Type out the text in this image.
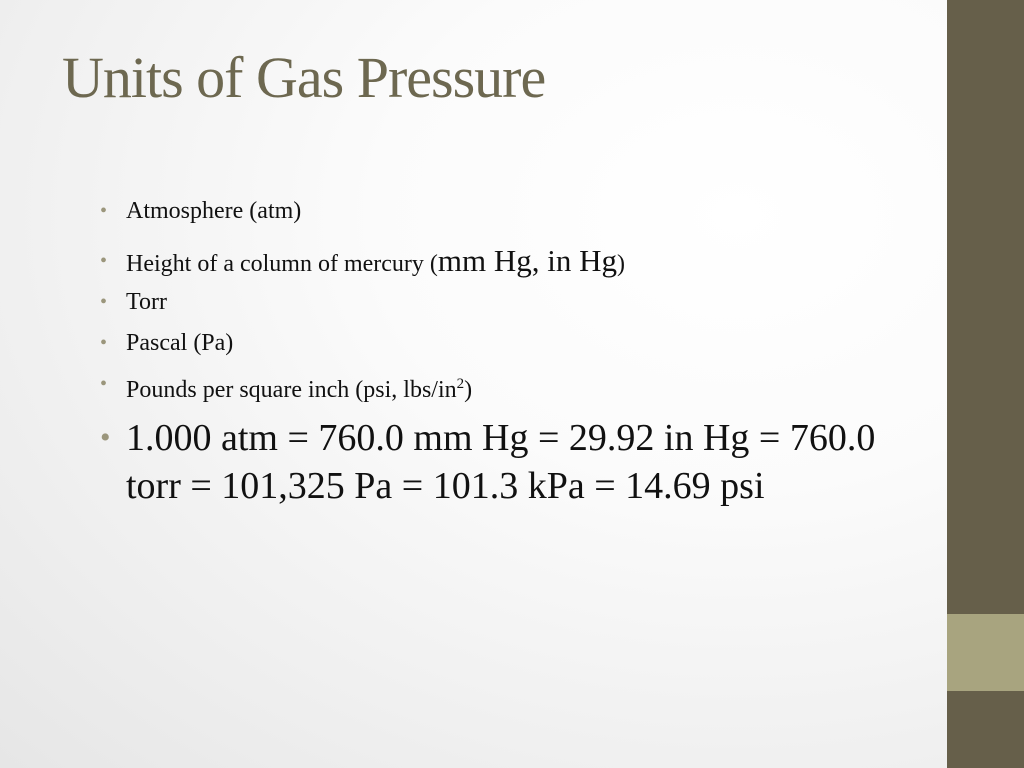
Units of Gas Pressure
• Atmosphere (atm)
• Height of a column of mercury (mm Hg, in Hg)
• Torr
• Pascal (Pa)
• Pounds per square inch (psi, lbs/$in^2$)
• 1.000 atm = 760.0 mm Hg = 29.92 in Hg = 760.0 torr = 101,325 Pa = 101.3 kPa = 14.69 psi
